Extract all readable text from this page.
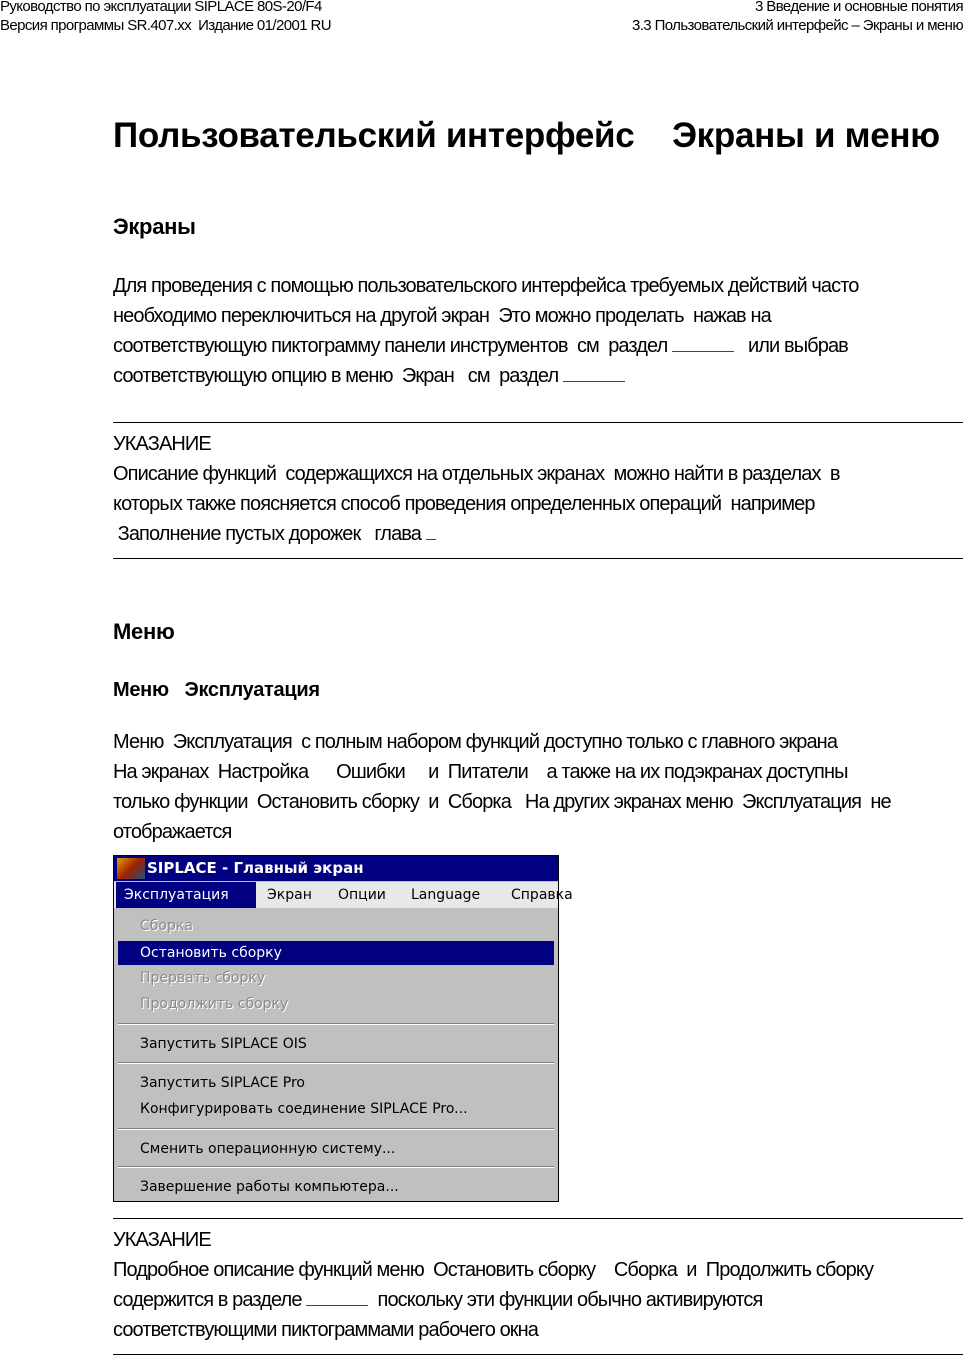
Руководство по эксплуатации SIPLACE 80S-20/F4
Версия программы SR.407.xx  Издание 01/2001 RU
3 Введение и основные понятия
3.3 Пользовательский интерфейс – Экраны и меню
Пользовательский интерфейс    Экраны и меню
Экраны
Для проведения с помощью пользовательского интерфейса требуемых действий часто
необходимо переключиться на другой экран  Это можно проделать  нажав на
соответствующую пиктограмму панели инструментов  см  раздел	или выбрав
соответствующую опцию в меню  Экран   см  раздел
УКАЗАНИЕ
Описание функций  содержащихся на отдельных экранах  можно найти в разделах  в
которых также поясняется способ проведения определенных операций  например
Заполнение пустых дорожек   глава
Меню
Меню   Эксплуатация
Меню  Эксплуатация  с полным набором функций доступно только с главного экрана
На экранах  Настройка      Ошибки     и  Питатели    а также на их подэкранах доступны
только функции  Остановить сборку  и  Сборка   На других экранах меню  Эксплуатация  не
отображается
SIPLACE - Главный экран
Эксплуатация	Экран	Опции	Language	Справка
Сборка
Остановить сборку
Прервать сборку
Продолжить сборку
Запустить SIPLACE OIS
Запустить SIPLACE Pro
Конфигурировать соединение SIPLACE Pro...
Сменить операционную систему...
Завершение работы компьютера...
УКАЗАНИЕ
Подробное описание функций меню  Остановить сборку    Сборка  и  Продолжить сборку
содержится в разделе	поскольку эти функции обычно активируются
соответствующими пиктограммами рабочего окна
